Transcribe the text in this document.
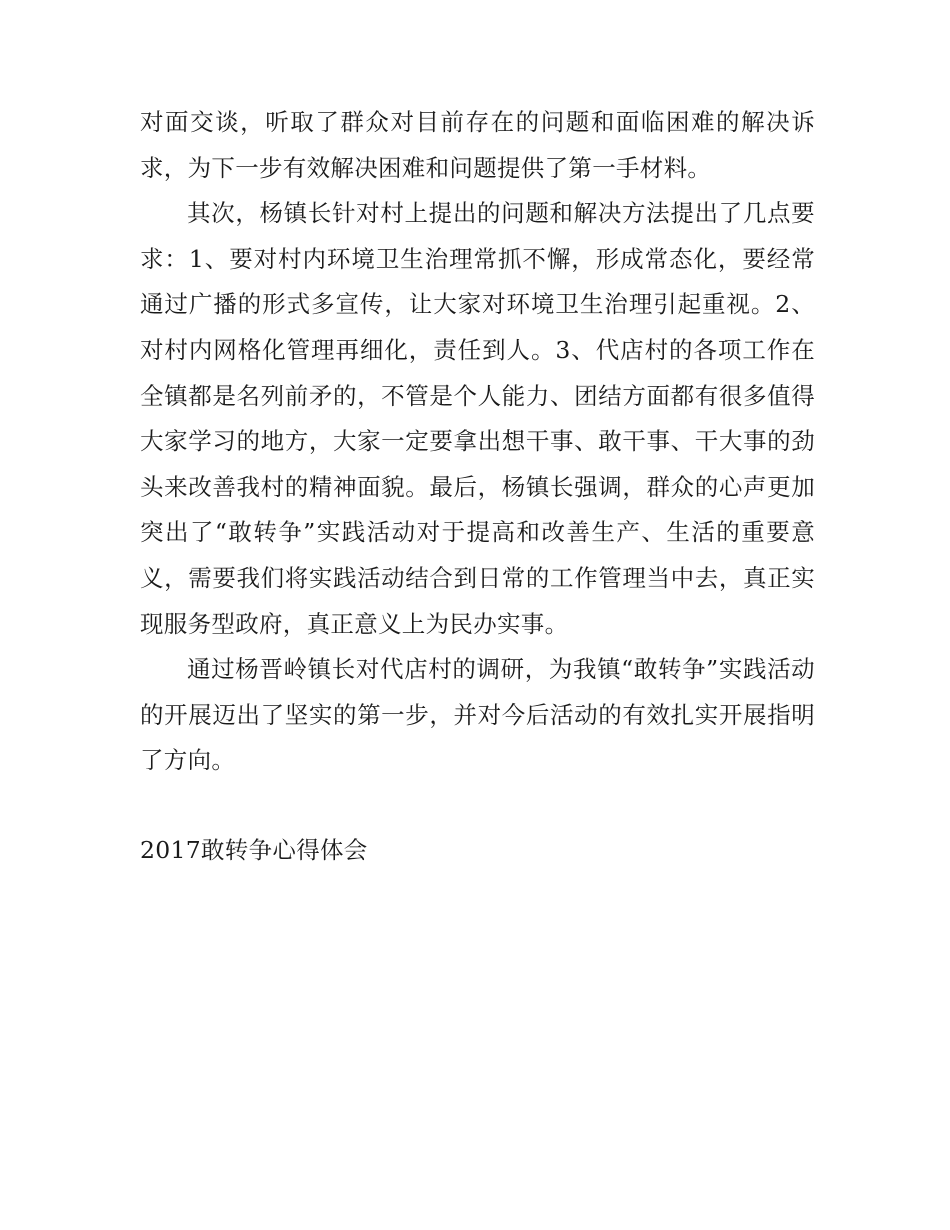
对面交谈，听取了群众对目前存在的问题和面临困难的解决诉求，为下一步有效解决困难和问题提供了第一手材料。

其次，杨镇长针对村上提出的问题和解决方法提出了几点要求：1、要对村内环境卫生治理常抓不懈，形成常态化，要经常通过广播的形式多宣传，让大家对环境卫生治理引起重视。2、对村内网格化管理再细化，责任到人。3、代店村的各项工作在全镇都是名列前矛的，不管是个人能力、团结方面都有很多值得大家学习的地方，大家一定要拿出想干事、敢干事、干大事的劲头来改善我村的精神面貌。最后，杨镇长强调，群众的心声更加突出了“敢转争”实践活动对于提高和改善生产、生活的重要意义，需要我们将实践活动结合到日常的工作管理当中去，真正实现服务型政府，真正意义上为民办实事。

通过杨晋岭镇长对代店村的调研，为我镇“敢转争”实践活动的开展迈出了坚实的第一步，并对今后活动的有效扎实开展指明了方向。

2017敢转争心得体会
